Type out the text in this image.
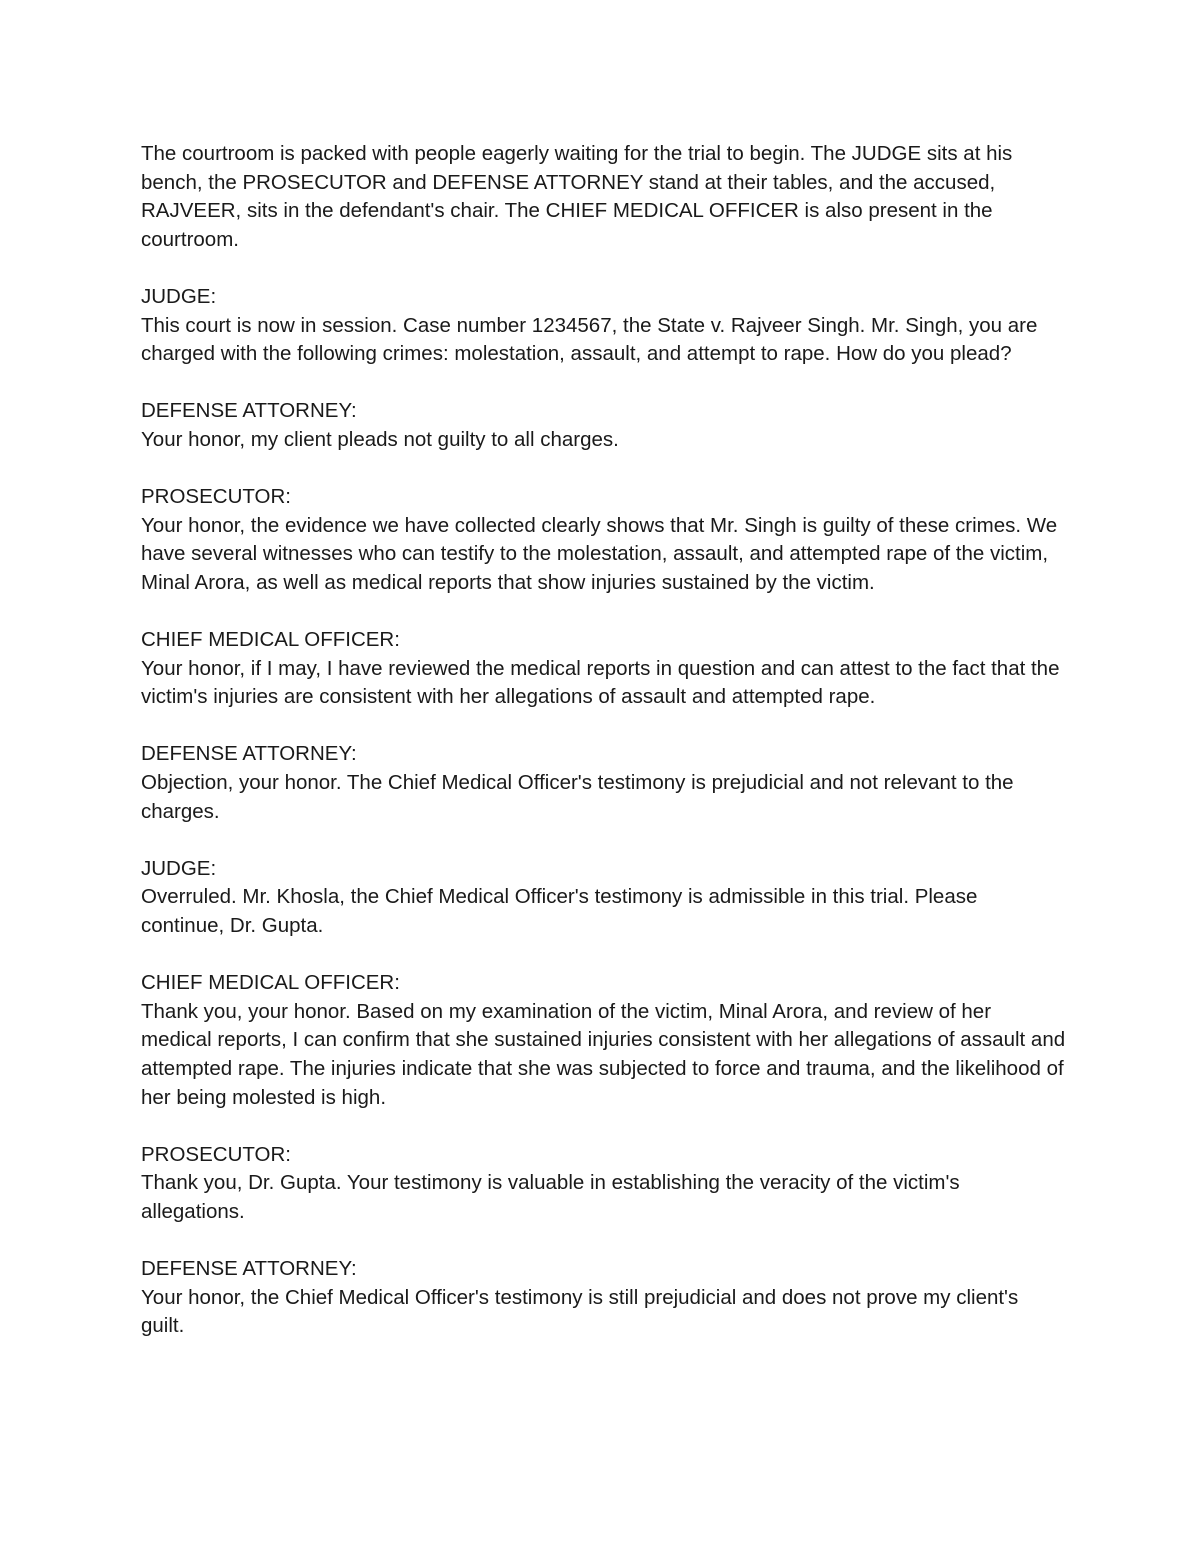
The courtroom is packed with people eagerly waiting for the trial to begin. The JUDGE sits at his bench, the PROSECUTOR and DEFENSE ATTORNEY stand at their tables, and the accused, RAJVEER, sits in the defendant's chair. The CHIEF MEDICAL OFFICER is also present in the courtroom.

JUDGE:
This court is now in session. Case number 1234567, the State v. Rajveer Singh. Mr. Singh, you are charged with the following crimes: molestation, assault, and attempt to rape. How do you plead?
DEFENSE ATTORNEY:
Your honor, my client pleads not guilty to all charges.
PROSECUTOR:
Your honor, the evidence we have collected clearly shows that Mr. Singh is guilty of these crimes. We have several witnesses who can testify to the molestation, assault, and attempted rape of the victim, Minal Arora, as well as medical reports that show injuries sustained by the victim.
CHIEF MEDICAL OFFICER:
Your honor, if I may, I have reviewed the medical reports in question and can attest to the fact that the victim's injuries are consistent with her allegations of assault and attempted rape.
DEFENSE ATTORNEY:
Objection, your honor. The Chief Medical Officer's testimony is prejudicial and not relevant to the charges.
JUDGE:
Overruled. Mr. Khosla, the Chief Medical Officer's testimony is admissible in this trial. Please continue, Dr. Gupta.
CHIEF MEDICAL OFFICER:
Thank you, your honor. Based on my examination of the victim, Minal Arora, and review of her medical reports, I can confirm that she sustained injuries consistent with her allegations of assault and attempted rape. The injuries indicate that she was subjected to force and trauma, and the likelihood of her being molested is high.
PROSECUTOR:
Thank you, Dr. Gupta. Your testimony is valuable in establishing the veracity of the victim's allegations.
DEFENSE ATTORNEY:
Your honor, the Chief Medical Officer's testimony is still prejudicial and does not prove my client's guilt.
